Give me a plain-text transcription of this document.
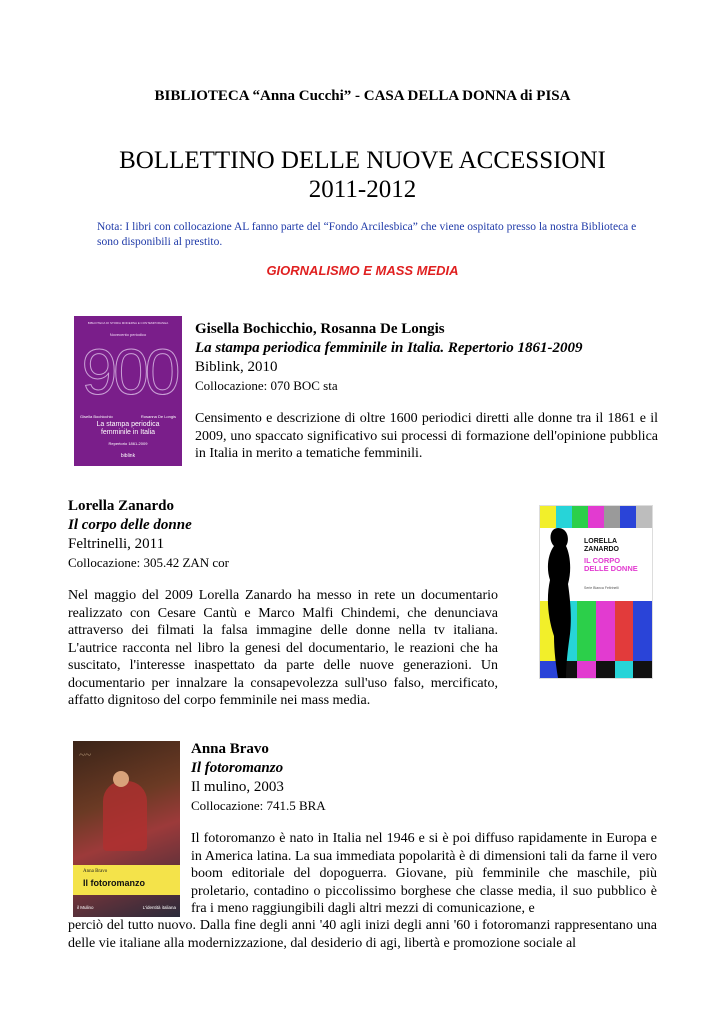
BIBLIOTECA “Anna Cucchi” - CASA DELLA DONNA di PISA
BOLLETTINO DELLE NUOVE ACCESSIONI
2011-2012
Nota: I libri con collocazione AL fanno parte del “Fondo Arcilesbica” che viene ospitato presso la nostra Biblioteca e sono disponibili al prestito.
GIORNALISMO E MASS MEDIA
BIBLIOTECA DI STORIA MODERNA E CONTEMPORANEA
Novecento periodico
900
Gisella Bochicchio	Rosanna De Longis
La stampa periodica femminile in Italia
Repertorio 1861-2009
biblink
Gisella Bochicchio, Rosanna De Longis
La stampa periodica femminile in Italia. Repertorio 1861-2009
Biblink, 2010
Collocazione: 070 BOC sta
Censimento e descrizione di oltre 1600 periodici diretti alle donne tra il 1861 e il 2009, uno spaccato significativo sui processi di formazione dell'opinione pubblica in Italia in merito a tematiche femminili.
Lorella Zanardo
Il corpo delle donne
Feltrinelli, 2011
Collocazione: 305.42 ZAN cor
Nel maggio del 2009 Lorella Zanardo ha messo in rete un documentario realizzato con Cesare Cantù e Marco Malfi Chindemi, che denunciava attraverso dei filmati la falsa immagine delle donne nella tv italiana. L'autrice racconta nel libro la genesi del documentario, le reazioni che ha suscitato, l'interesse inaspettato da parte delle nuove generazioni. Un documentario per innalzare la consapevolezza sull'uso falso, mercificato, affatto dignitoso del corpo femminile nei mass media.
LORELLA ZANARDO
IL CORPO
DELLE DONNE
Serie Bianca Feltrinelli
~~
Anna Bravo
Il fotoromanzo
il Mulino	L'identità italiana
Anna Bravo
Il fotoromanzo
Il mulino, 2003
Collocazione: 741.5 BRA
Il fotoromanzo è nato in Italia nel 1946 e si è poi diffuso rapidamente in Europa e in America latina. La sua immediata popolarità è di dimensioni tali da farne il vero boom editoriale del dopoguerra. Giovane, più femminile che maschile, più proletario, contadino o piccolissimo borghese che classe media, il suo pubblico è fra i meno raggiungibili dagli altri mezzi di comunicazione, e
perciò del tutto nuovo. Dalla fine degli anni '40 agli inizi degli anni '60 i fotoromanzi rappresentano una delle vie italiane alla modernizzazione, dal desiderio di agi, libertà e promozione sociale al
